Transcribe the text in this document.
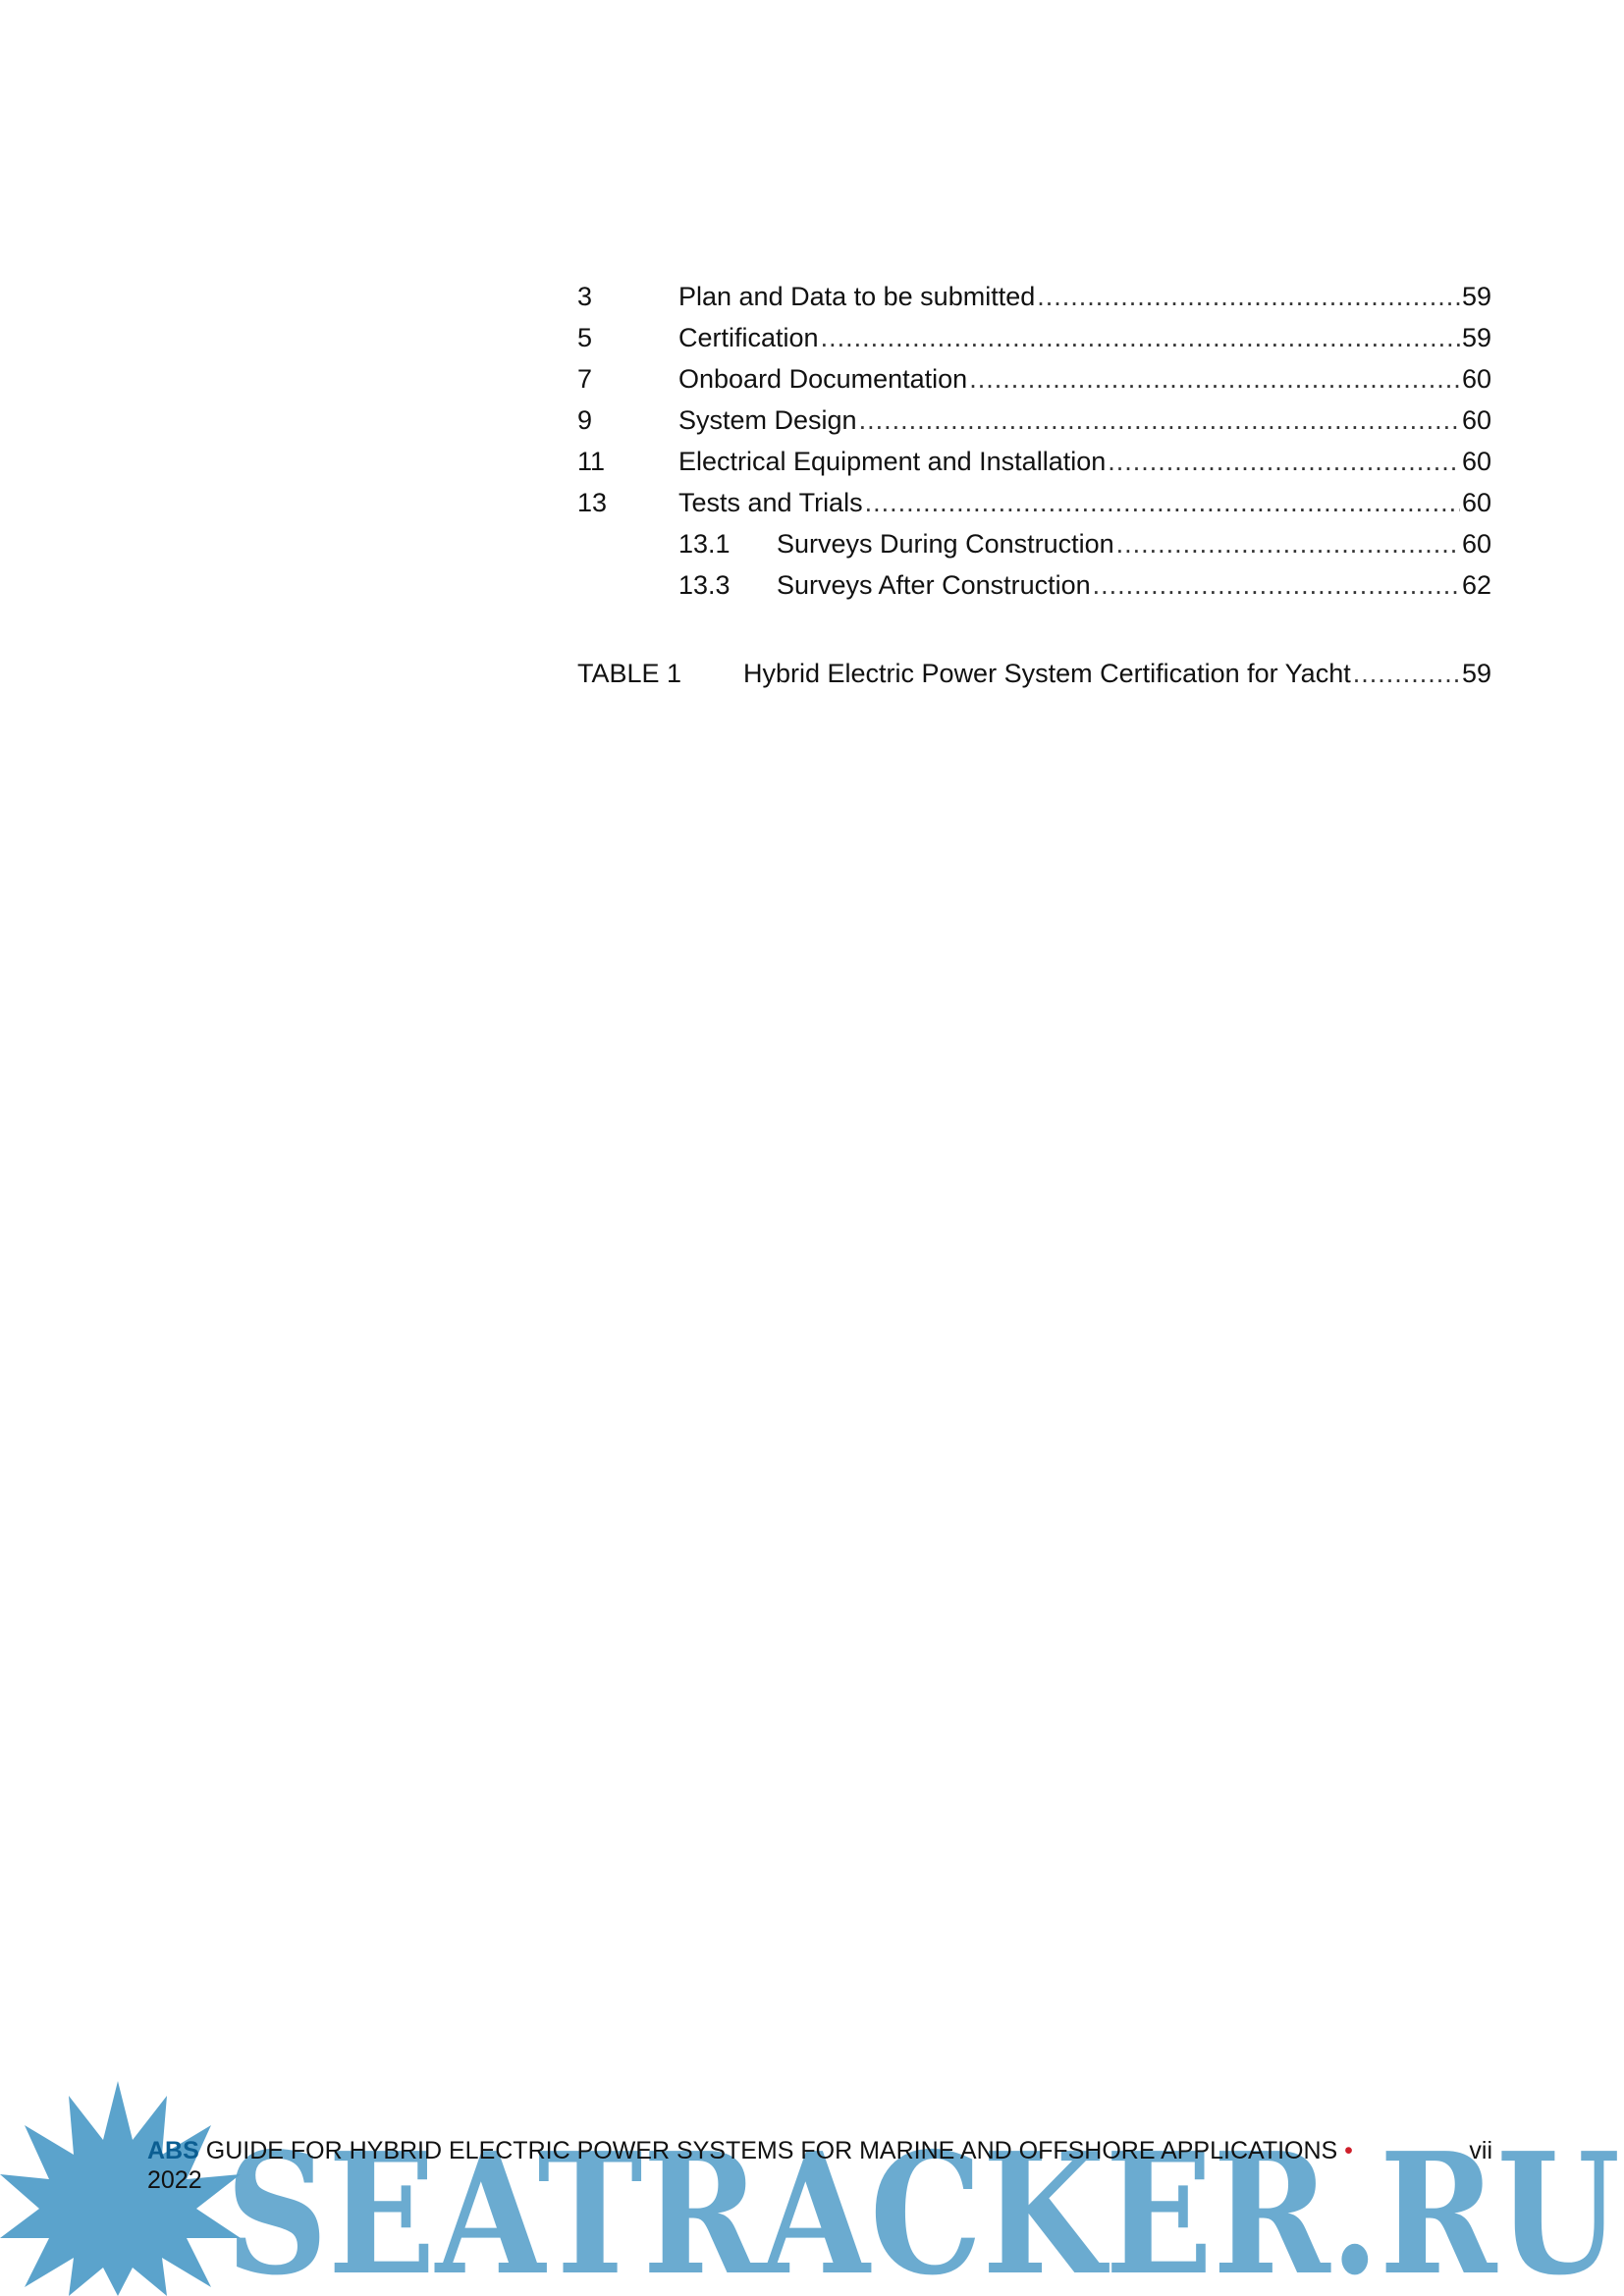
3	Plan and Data to be submitted .....	59
5	Certification .....	59
7	Onboard Documentation .....	60
9	System Design .....	60
11	Electrical Equipment and Installation .....	60
13	Tests and Trials .....	60
13.1 Surveys During Construction .....	60
13.3 Surveys After Construction .....	62
TABLE 1 Hybrid Electric Power System Certification for Yacht .....	59
SEATRACKER.RU
ABS GUIDE FOR HYBRID ELECTRIC POWER SYSTEMS FOR MARINE AND OFFSHORE APPLICATIONS •	vii
2022
